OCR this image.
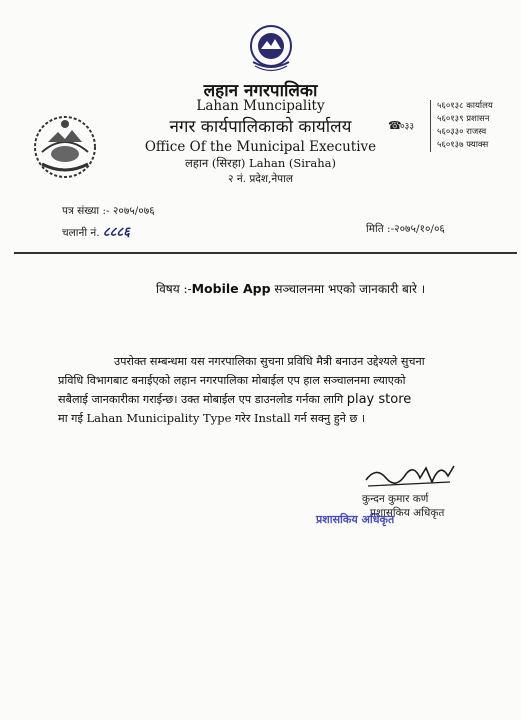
लहान नगरपालिका
Lahan Muncipality
नगर कार्यपालिकाको कार्यालय
Office Of the Municipal Executive
लहान (सिरहा) Lahan (Siraha)
२ नं. प्रदेश,नेपाल
☎
०३३
५६०१३८ कार्यालय
५६०१३९ प्रशासन
५६०३३० राजस्व
५६०१३७ फ्याक्स
पत्र संख्या :- २०७५/०७६
चलानी नं. ८८८६	मिति :-२०७५/१०/०६
विषय :-Mobile App सञ्चालनमा भएको जानकारी बारे ।

उपरोक्त सम्बन्धमा यस नगरपालिका सुचना प्रविधि मैत्री बनाउन उद्देश्यले सुचना

प्रविधि विभागबाट बनाईएको लहान नगरपालिका मोबाईल एप हाल सञ्चालनमा ल्याएको

सबैलाई जानकारीका गराईन्छ। उक्त मोबाईल एप डाउनलोड गर्नका लागि play store

मा गई Lahan Municipality Type गरेर Install गर्न सक्नु हुने छ ।

कुन्दन कुमार कर्ण
प्रशासकिय अधिकृत
प्रशासकिय अधिकृत
